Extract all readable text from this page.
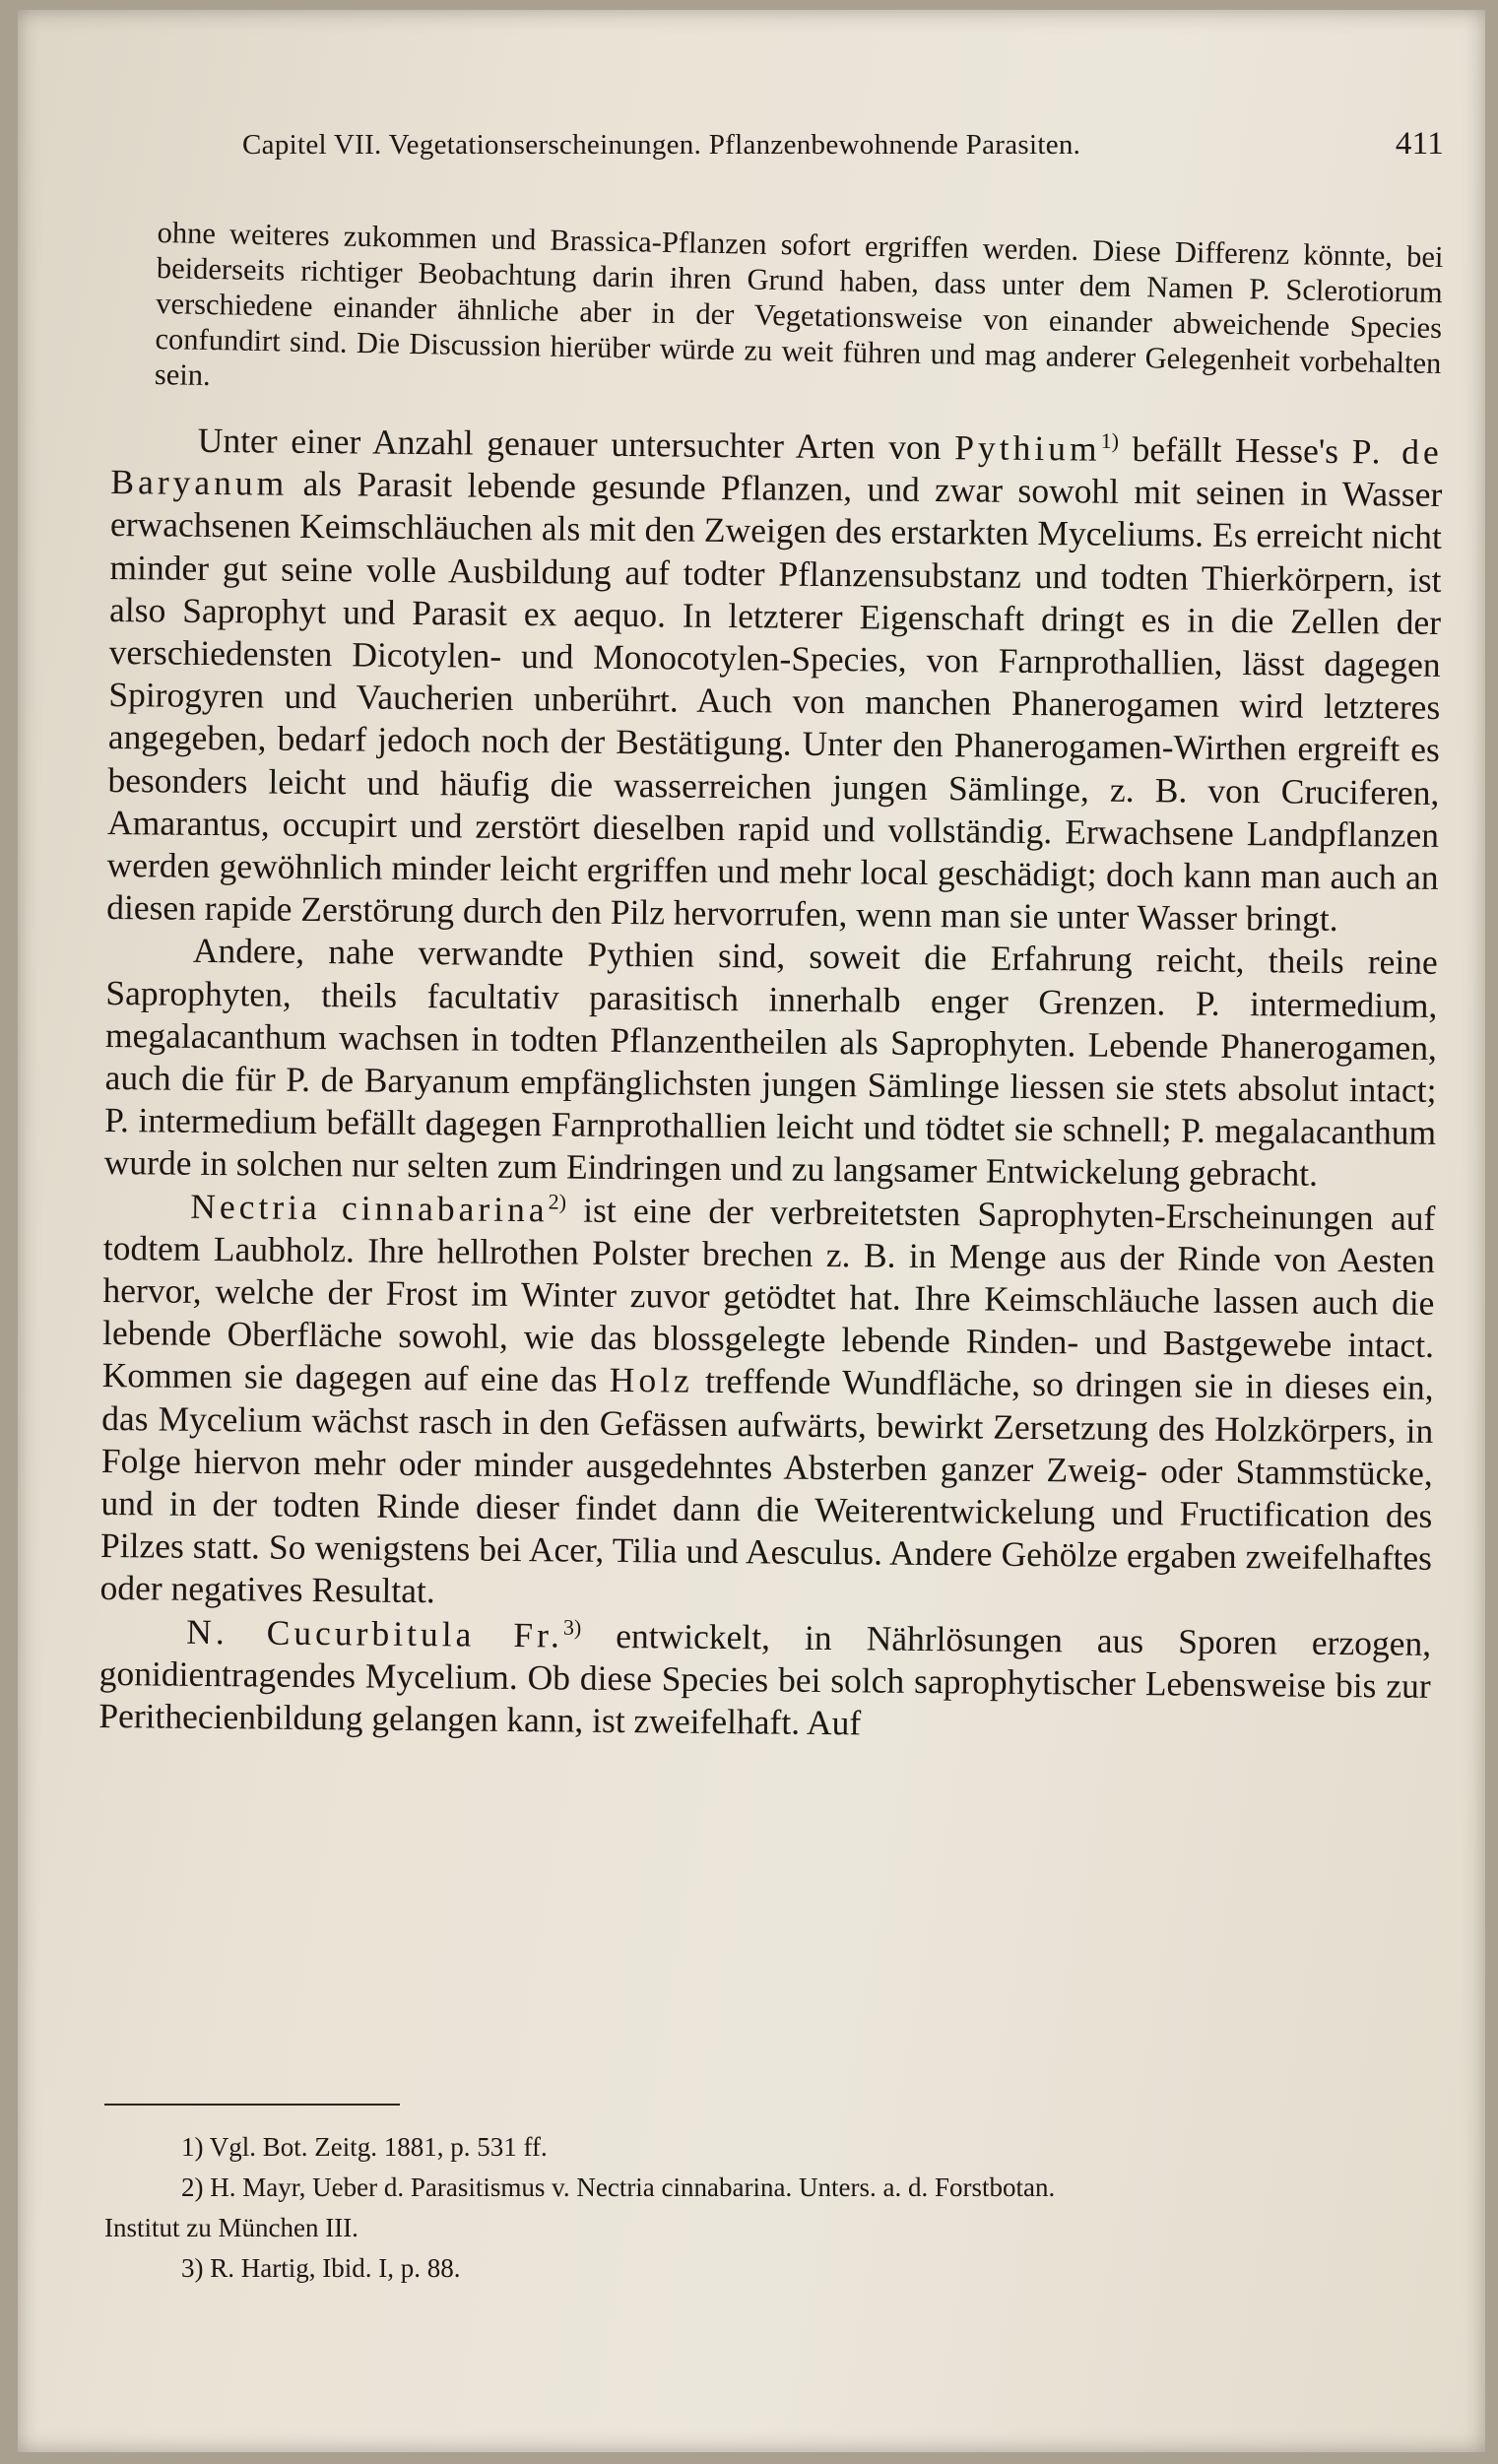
Capitel VII. Vegetationserscheinungen. Pflanzenbewohnende Parasiten.	411
ohne weiteres zukommen und Brassica-Pflanzen sofort ergriffen werden. Diese Differenz könnte, bei beiderseits richtiger Beobachtung darin ihren Grund haben, dass unter dem Namen P. Sclerotiorum verschiedene einander ähnliche aber in der Vegetationsweise von einander abweichende Species confundirt sind. Die Discussion hierüber würde zu weit führen und mag anderer Gelegenheit vorbehalten sein.

Unter einer Anzahl genauer untersuchter Arten von Pythium$^{1)}$ befällt Hesse's P. de Baryanum als Parasit lebende gesunde Pflanzen, und zwar sowohl mit seinen in Wasser erwachsenen Keimschläuchen als mit den Zweigen des erstarkten Myceliums. Es erreicht nicht minder gut seine volle Ausbildung auf todter Pflanzensubstanz und todten Thierkörpern, ist also Saprophyt und Parasit ex aequo. In letzterer Eigenschaft dringt es in die Zellen der verschiedensten Dicotylen- und Monocotylen-Species, von Farnprothallien, lässt dagegen Spirogyren und Vaucherien unberührt. Auch von manchen Phanerogamen wird letzteres angegeben, bedarf jedoch noch der Bestätigung. Unter den Phanerogamen-Wirthen ergreift es besonders leicht und häufig die wasserreichen jungen Sämlinge, z. B. von Cruciferen, Amarantus, occupirt und zerstört dieselben rapid und vollständig. Erwachsene Landpflanzen werden gewöhnlich minder leicht ergriffen und mehr local geschädigt; doch kann man auch an diesen rapide Zerstörung durch den Pilz hervorrufen, wenn man sie unter Wasser bringt.

Andere, nahe verwandte Pythien sind, soweit die Erfahrung reicht, theils reine Saprophyten, theils facultativ parasitisch innerhalb enger Grenzen. P. intermedium, megalacanthum wachsen in todten Pflanzentheilen als Saprophyten. Lebende Phanerogamen, auch die für P. de Baryanum empfänglichsten jungen Sämlinge liessen sie stets absolut intact; P. intermedium befällt dagegen Farnprothallien leicht und tödtet sie schnell; P. megalacanthum wurde in solchen nur selten zum Eindringen und zu langsamer Entwickelung gebracht.

Nectria cinnabarina$^{2)}$ ist eine der verbreitetsten Saprophyten-Erscheinungen auf todtem Laubholz. Ihre hellrothen Polster brechen z. B. in Menge aus der Rinde von Aesten hervor, welche der Frost im Winter zuvor getödtet hat. Ihre Keimschläuche lassen auch die lebende Oberfläche sowohl, wie das blossgelegte lebende Rinden- und Bastgewebe intact. Kommen sie dagegen auf eine das Holz treffende Wundfläche, so dringen sie in dieses ein, das Mycelium wächst rasch in den Gefässen aufwärts, bewirkt Zersetzung des Holzkörpers, in Folge hiervon mehr oder minder ausgedehntes Absterben ganzer Zweig- oder Stammstücke, und in der todten Rinde dieser findet dann die Weiterentwickelung und Fructification des Pilzes statt. So wenigstens bei Acer, Tilia und Aesculus. Andere Gehölze ergaben zweifelhaftes oder negatives Resultat.

N. Cucurbitula Fr.$^{3)}$ entwickelt, in Nährlösungen aus Sporen erzogen, gonidientragendes Mycelium. Ob diese Species bei solch saprophytischer Lebensweise bis zur Perithecienbildung gelangen kann, ist zweifelhaft. Auf

1) Vgl. Bot. Zeitg. 1881, p. 531 ff.
2) H. Mayr, Ueber d. Parasitismus v. Nectria cinnabarina. Unters. a. d. Forstbotan.
Institut zu München III.
3) R. Hartig, Ibid. I, p. 88.
